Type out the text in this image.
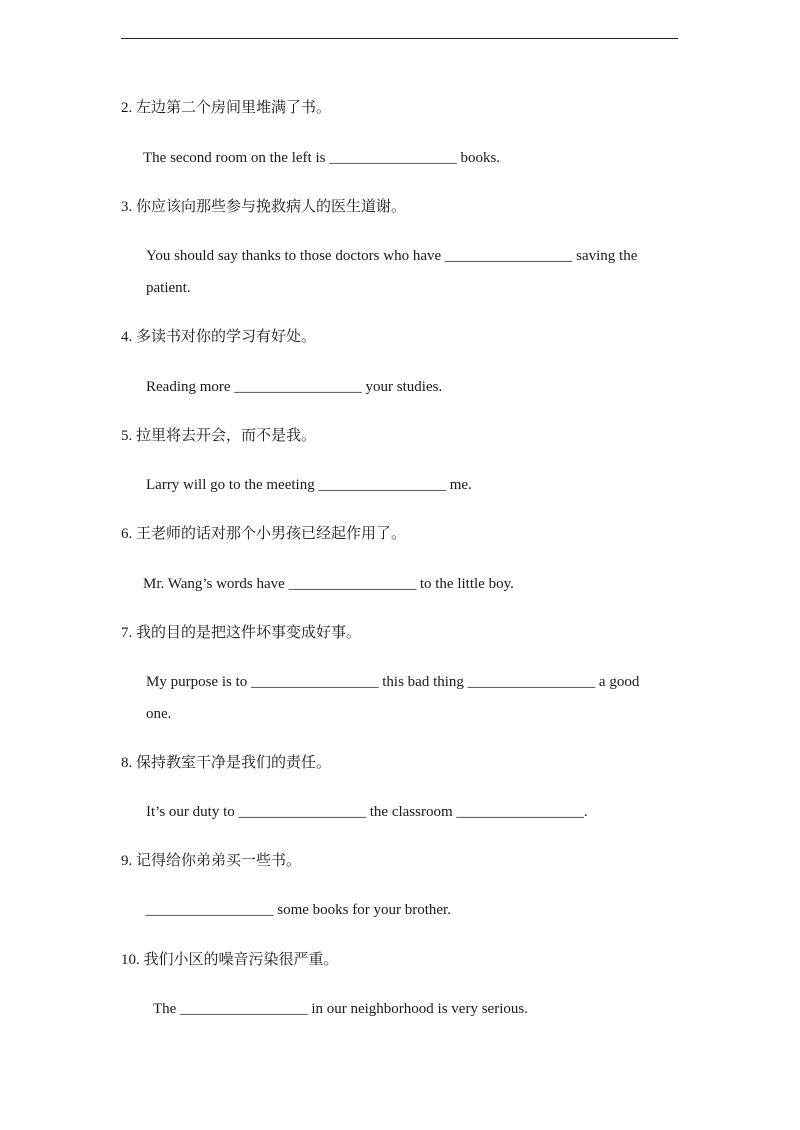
2. 左边第二个房间里堆满了书。
The second room on the left is _________________ books.
3. 你应该向那些参与挽救病人的医生道谢。
You should say thanks to those doctors who have _________________ saving the
patient.
4. 多读书对你的学习有好处。
Reading more _________________ your studies.
5. 拉里将去开会，而不是我。
Larry will go to the meeting _________________ me.
6. 王老师的话对那个小男孩已经起作用了。
Mr. Wang’s words have _________________ to the little boy.
7. 我的目的是把这件坏事变成好事。
My purpose is to _________________ this bad thing _________________ a good
one.
8. 保持教室干净是我们的责任。
It’s our duty to _________________ the classroom _________________.
9. 记得给你弟弟买一些书。
_________________ some books for your brother.
10. 我们小区的噪音污染很严重。
The _________________ in our neighborhood is very serious.
